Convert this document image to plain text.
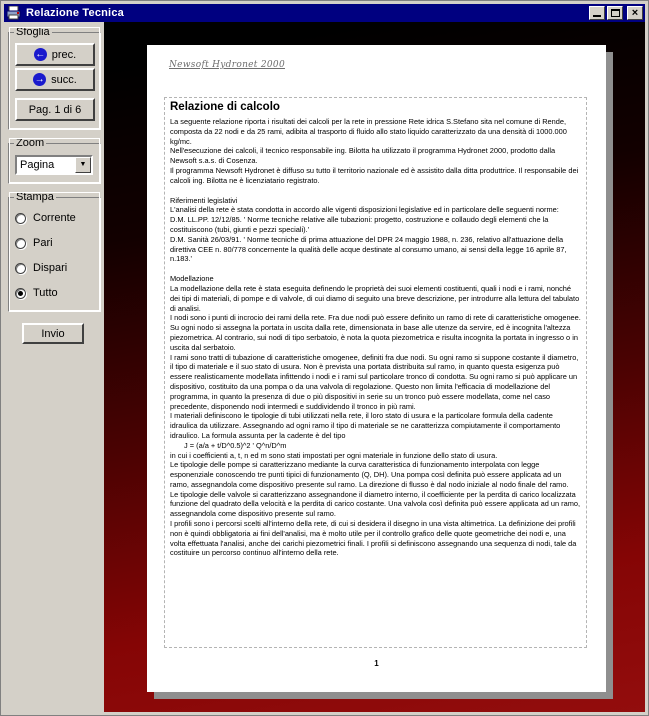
Relazione Tecnica	×
Sfoglia
← prec.
→ succ.
Pag. 1 di 6
Zoom
Pagina	▼
Stampa
Corrente
Pari
Dispari
Tutto
Invio
Newsoft Hydronet 2000
Relazione di calcolo

La seguente relazione riporta i risultati dei calcoli per la rete in pressione Rete idrica S.Stefano sita nel comune di Rende, composta da 22 nodi e da 25 rami, adibita al trasporto di fluido allo stato liquido caratterizzato da una densità di 1000.000 kg/mc.

Nell'esecuzione dei calcoli, il tecnico responsabile ing. Bilotta ha utilizzato il programma Hydronet 2000, prodotto dalla Newsoft s.a.s. di Cosenza.

Il programma Newsoft Hydronet è diffuso su tutto il territorio nazionale ed è assistito dalla ditta produttrice. Il responsabile dei calcoli ing. Bilotta ne è licenziatario registrato.

Riferimenti legislativi

L'analisi della rete è stata condotta in accordo alle vigenti disposizioni legislative ed in particolare delle seguenti norme:

D.M. LL.PP. 12/12/85. ' Norme tecniche relative alle tubazioni: progetto, costruzione e collaudo degli elementi che la costituiscono (tubi, giunti e pezzi speciali).'

D.M. Sanità 26/03/91. ' Norme tecniche di prima attuazione del DPR 24 maggio 1988, n. 236, relativo all'attuazione della direttiva CEE n. 80/778 concernente la qualità delle acque destinate al consumo umano, ai sensi della legge 16 aprile 87, n.183.'

Modellazione

La modellazione della rete è stata eseguita definendo le proprietà dei suoi elementi costituenti, quali i nodi e i rami, nonché dei tipi di materiali, di pompe e di valvole, di cui diamo di seguito una breve descrizione, per introdurre alla lettura del tabulato di analisi.

I nodi sono i punti di incrocio dei rami della rete. Fra due nodi può essere definito un ramo di rete di caratteristiche omogenee. Su ogni nodo si assegna la portata in uscita dalla rete, dimensionata in base alle utenze da servire, ed è incognita l'altezza piezometrica. Al contrario, sui nodi di tipo serbatoio, è nota la quota piezometrica e risulta incognita la portata in ingresso o in uscita dal serbatoio.

I rami sono tratti di tubazione di caratteristiche omogenee, definiti fra due nodi. Su ogni ramo si suppone costante il diametro, il tipo di materiale e il suo stato di usura. Non è prevista una portata distribuita sul ramo, in quanto questa esigenza può essere realisticamente modellata infittendo i nodi e i rami sul particolare tronco di condotta. Su ogni ramo si può applicare un dispositivo, costituito da una pompa o da una valvola di regolazione. Questo non limita l'efficacia di modellazione del programma, in quanto la presenza di due o più dispositivi in serie su un tronco può essere modellata, come nel caso precedente, disponendo nodi intermedi e suddividendo il tronco in più rami.

I materiali definiscono le tipologie di tubi utilizzati nella rete, il loro stato di usura e la particolare formula della cadente idraulica da utilizzare. Assegnando ad ogni ramo il tipo di materiale se ne caratterizza compiutamente il comportamento idraulico. La formula assunta per la cadente è del tipo

J = (a/a + t/D^0.5)^2 ' Q^n/D^m

in cui i coefficienti a, t, n ed m sono stati impostati per ogni materiale in funzione dello stato di usura.

Le tipologie delle pompe si caratterizzano mediante la curva caratteristica di funzionamento interpolata con legge esponenziale conoscendo tre punti tipici di funzionamento (Q, DH). Una pompa così definita può essere applicata ad un ramo, assegnandola come dispositivo presente sul ramo. La direzione di flusso è dal nodo iniziale al nodo finale del ramo.

Le tipologie delle valvole si caratterizzano assegnandone il diametro interno, il coefficiente per la perdita di carico localizzata funzione del quadrato della velocità e la perdita di carico costante. Una valvola così definita può essere applicata ad un ramo, assegnandola come dispositivo presente sul ramo.

I profili sono i percorsi scelti all'interno della rete, di cui si desidera il disegno in una vista altimetrica. La definizione dei profili non è quindi obbligatoria ai fini dell'analisi, ma è molto utile per il controllo grafico delle quote geometriche dei nodi e, una volta effettuata l'analisi, anche dei carichi piezometrici finali. I profili si definiscono assegnando una sequenza di nodi, tale da costituire un percorso continuo all'interno della rete.

1
